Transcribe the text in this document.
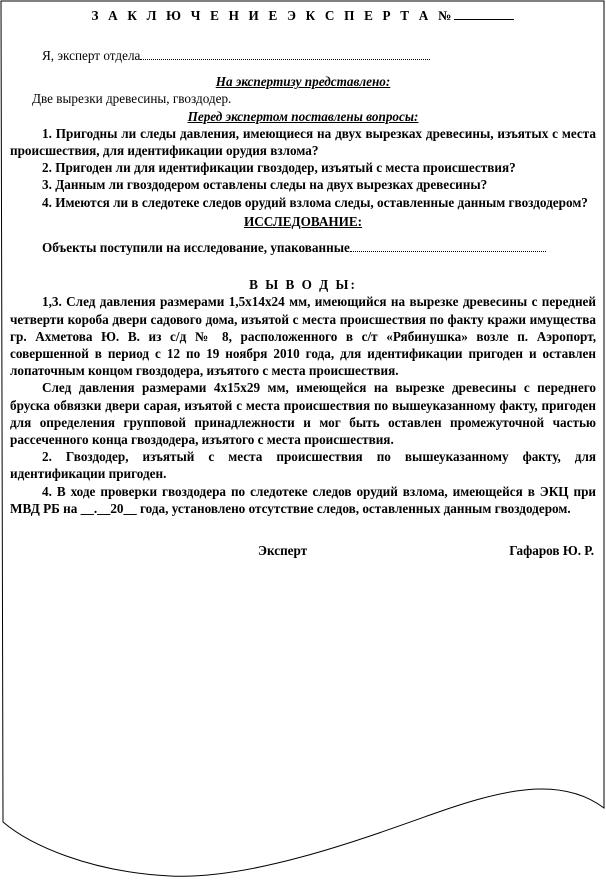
З А К Л Ю Ч Е Н И Е Э К С П Е Р Т А №

Я, эксперт отдела

На экспертизу представлено:

Две вырезки древесины, гвоздодер.

Перед экспертом поставлены вопросы:

1. Пригодны ли следы давления, имеющиеся на двух вырезках древесины, изъятых с места происшествия, для идентификации орудия взлома?

2. Пригоден ли для идентификации гвоздодер, изъятый с места происшествия?

3. Данным ли гвоздодером оставлены следы на двух вырезках древесины?

4. Имеются ли в следотеке следов орудий взлома следы, оставленные данным гвоздодером?

ИССЛЕДОВАНИЕ:

Объекты поступили на исследование, упакованные

В Ы В О Д Ы:

1,3. След давления размерами 1,5х14х24 мм, имеющийся на вырезке древесины с передней четверти короба двери садового дома, изъятой с места происшествия по факту кражи имущества гр. Ахметова Ю. В. из с/д № 8, расположенного в с/т «Рябинушка» возле п. Аэропорт, совершенной в период с 12 по 19 ноября 2010 года, для идентификации пригоден и оставлен лопаточным концом гвоздодера, изъятого с места происшествия.

След давления размерами 4х15х29 мм, имеющейся на вырезке древесины с переднего бруска обвязки двери сарая, изъятой с места происшествия по вышеуказанному факту, пригоден для определения групповой принадлежности и мог быть оставлен промежуточной частью рассеченного конца гвоздодера, изъятого с места происшествия.

2. Гвоздодер, изъятый с места происшествия по вышеуказанному факту, для идентификации пригоден.

4. В ходе проверки гвоздодера по следотеке следов орудий взлома, имеющейся в ЭКЦ при МВД РБ на __.__20__ года, установлено отсутствие следов, оставленных данным гвоздодером.

Эксперт	Гафаров Ю. Р.
